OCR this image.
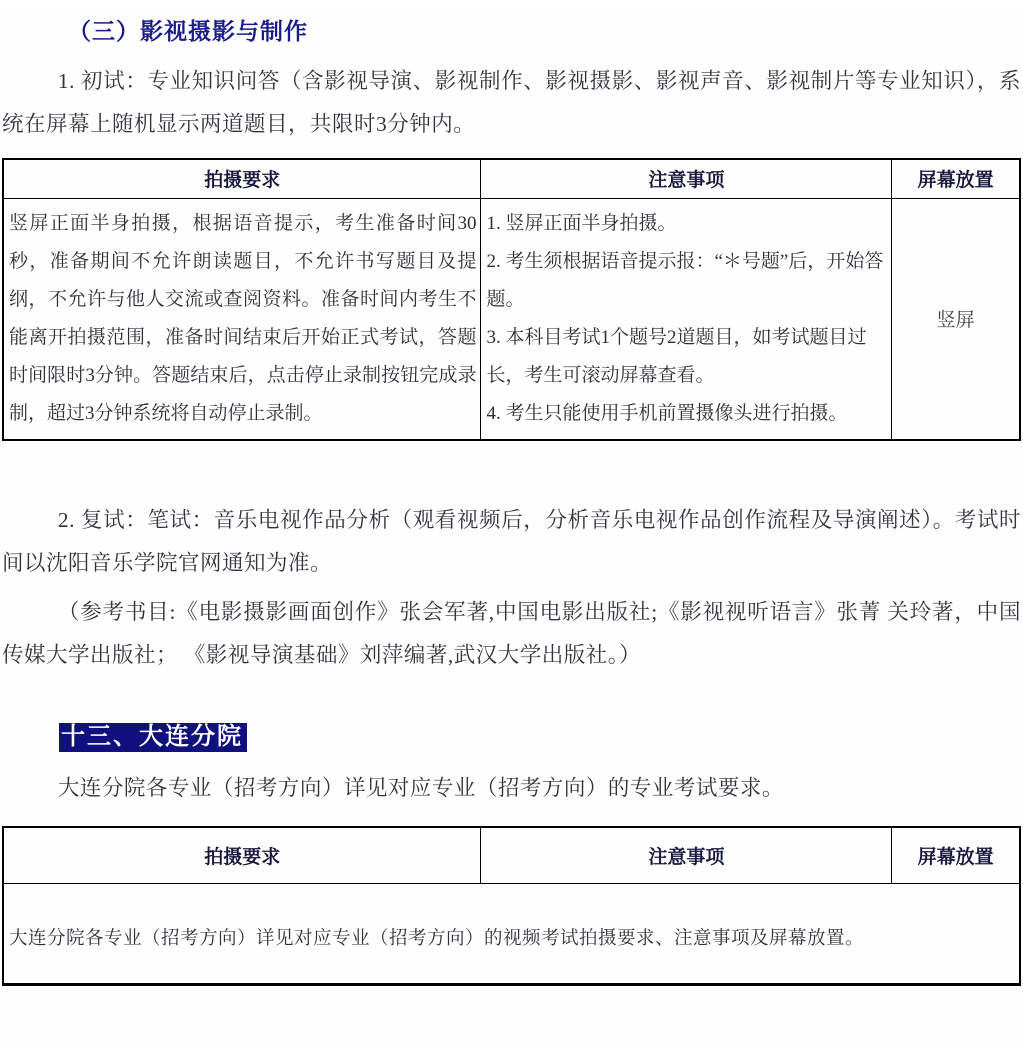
（三）影视摄影与制作

1. 初试：专业知识问答（含影视导演、影视制作、影视摄影、影视声音、影视制片等专业知识），系统在屏幕上随机显示两道题目，共限时3分钟内。

拍摄要求	注意事项	屏幕放置

竖屏正面半身拍摄，根据语音提示，考生准备时间30秒，准备期间不允许朗读题目，不允许书写题目及提纲，不允许与他人交流或查阅资料。准备时间内考生不能离开拍摄范围，准备时间结束后开始正式考试，答题时间限时3分钟。答题结束后，点击停止录制按钮完成录制，超过3分钟系统将自动停止录制。	1. 竖屏正面半身拍摄。

2. 考生须根据语音提示报：“＊号题”后，开始答题。

3. 本科目考试1个题号2道题目，如考试题目过长，考生可滚动屏幕查看。

4. 考生只能使用手机前置摄像头进行拍摄。	竖屏

2. 复试：笔试：音乐电视作品分析（观看视频后，分析音乐电视作品创作流程及导演阐述）。考试时间以沈阳音乐学院官网通知为准。

（参考书目:《电影摄影画面创作》张会军著,中国电影出版社;《影视视听语言》张菁 关玲著，中国传媒大学出版社； 《影视导演基础》刘萍编著,武汉大学出版社。）

十三、大连分院

大连分院各专业（招考方向）详见对应专业（招考方向）的专业考试要求。

拍摄要求	注意事项	屏幕放置
大连分院各专业（招考方向）详见对应专业（招考方向）的视频考试拍摄要求、注意事项及屏幕放置。
